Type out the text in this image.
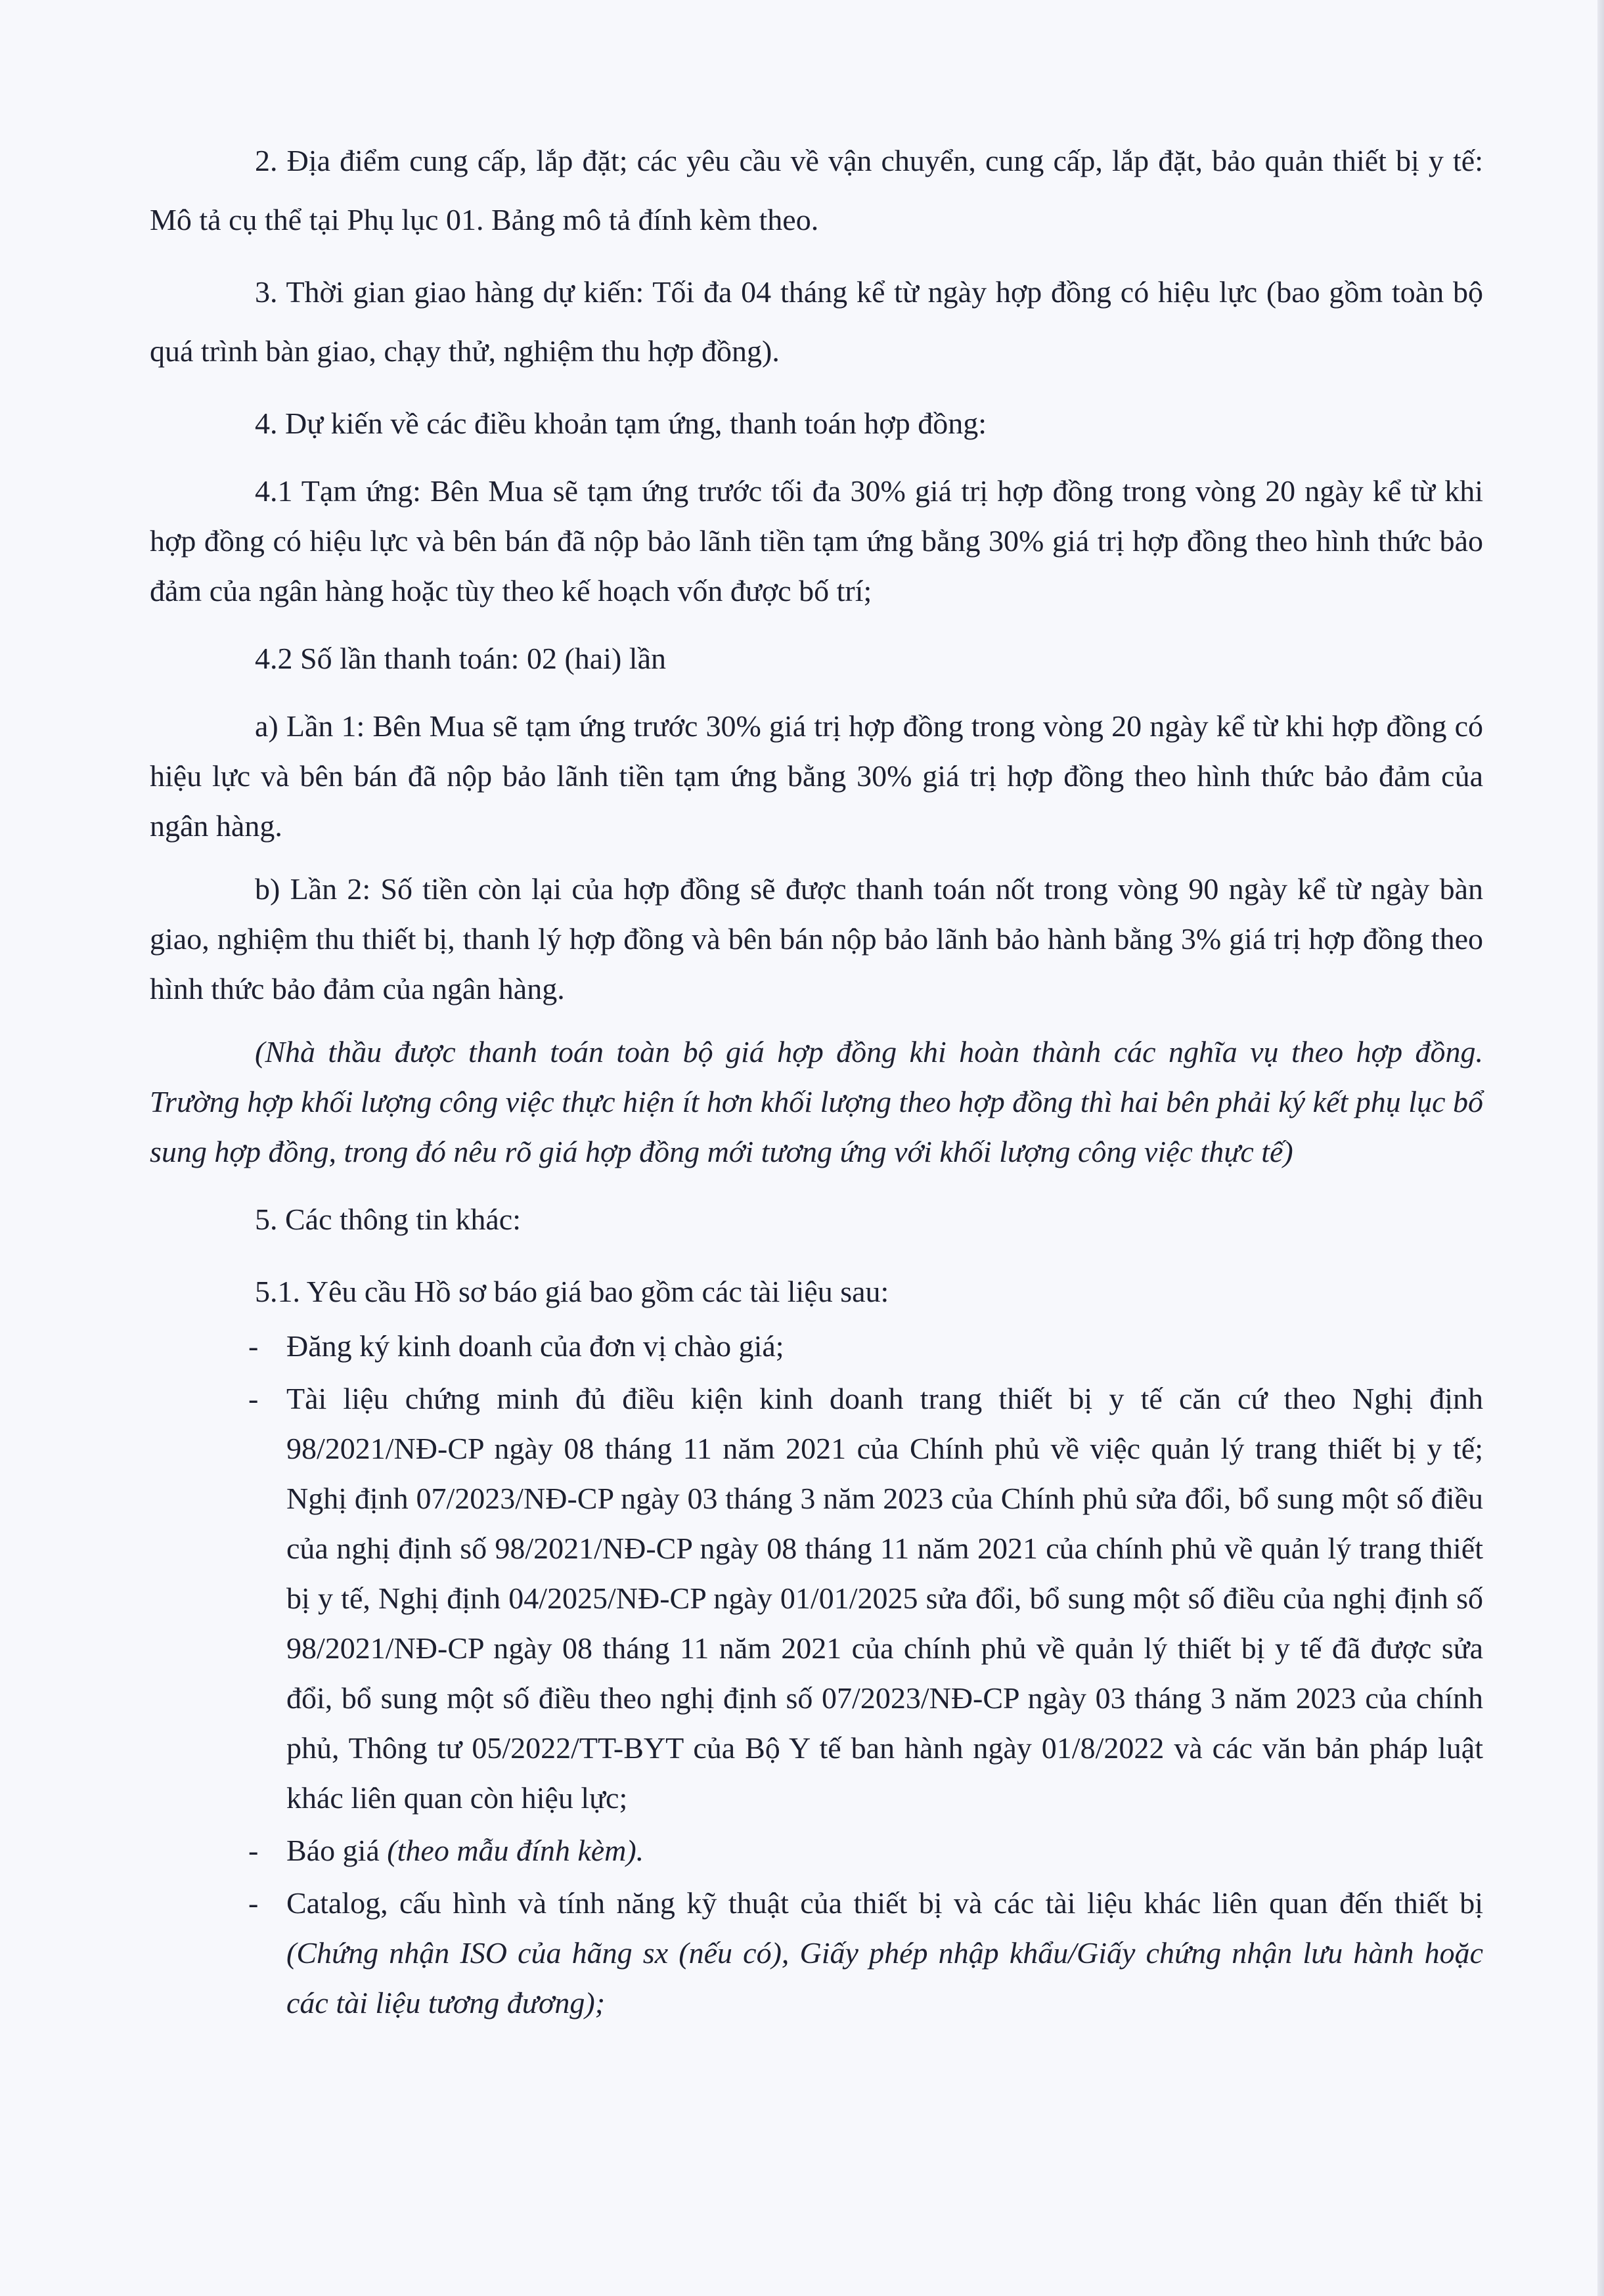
2. Địa điểm cung cấp, lắp đặt; các yêu cầu về vận chuyển, cung cấp, lắp đặt, bảo quản thiết bị y tế: Mô tả cụ thể tại Phụ lục 01. Bảng mô tả đính kèm theo.

3. Thời gian giao hàng dự kiến: Tối đa 04 tháng kể từ ngày hợp đồng có hiệu lực (bao gồm toàn bộ quá trình bàn giao, chạy thử, nghiệm thu hợp đồng).

4. Dự kiến về các điều khoản tạm ứng, thanh toán hợp đồng:

4.1 Tạm ứng: Bên Mua sẽ tạm ứng trước tối đa 30% giá trị hợp đồng trong vòng 20 ngày kể từ khi hợp đồng có hiệu lực và bên bán đã nộp bảo lãnh tiền tạm ứng bằng 30% giá trị hợp đồng theo hình thức bảo đảm của ngân hàng hoặc tùy theo kế hoạch vốn được bố trí;

4.2 Số lần thanh toán: 02 (hai) lần

a) Lần 1: Bên Mua sẽ tạm ứng trước 30% giá trị hợp đồng trong vòng 20 ngày kể từ khi hợp đồng có hiệu lực và bên bán đã nộp bảo lãnh tiền tạm ứng bằng 30% giá trị hợp đồng theo hình thức bảo đảm của ngân hàng.

b) Lần 2: Số tiền còn lại của hợp đồng sẽ được thanh toán nốt trong vòng 90 ngày kể từ ngày bàn giao, nghiệm thu thiết bị, thanh lý hợp đồng và bên bán nộp bảo lãnh bảo hành bằng 3% giá trị hợp đồng theo hình thức bảo đảm của ngân hàng.

(Nhà thầu được thanh toán toàn bộ giá hợp đồng khi hoàn thành các nghĩa vụ theo hợp đồng. Trường hợp khối lượng công việc thực hiện ít hơn khối lượng theo hợp đồng thì hai bên phải ký kết phụ lục bổ sung hợp đồng, trong đó nêu rõ giá hợp đồng mới tương ứng với khối lượng công việc thực tế)

5. Các thông tin khác:

5.1. Yêu cầu Hồ sơ báo giá bao gồm các tài liệu sau:

- Đăng ký kinh doanh của đơn vị chào giá;
- Tài liệu chứng minh đủ điều kiện kinh doanh trang thiết bị y tế căn cứ theo Nghị định 98/2021/NĐ-CP ngày 08 tháng 11 năm 2021 của Chính phủ về việc quản lý trang thiết bị y tế; Nghị định 07/2023/NĐ-CP ngày 03 tháng 3 năm 2023 của Chính phủ sửa đổi, bổ sung một số điều của nghị định số 98/2021/NĐ-CP ngày 08 tháng 11 năm 2021 của chính phủ về quản lý trang thiết bị y tế, Nghị định 04/2025/NĐ-CP ngày 01/01/2025 sửa đổi, bổ sung một số điều của nghị định số 98/2021/NĐ-CP ngày 08 tháng 11 năm 2021 của chính phủ về quản lý thiết bị y tế đã được sửa đổi, bổ sung một số điều theo nghị định số 07/2023/NĐ-CP ngày 03 tháng 3 năm 2023 của chính phủ, Thông tư 05/2022/TT-BYT của Bộ Y tế ban hành ngày 01/8/2022 và các văn bản pháp luật khác liên quan còn hiệu lực;
- Báo giá (theo mẫu đính kèm).
- Catalog, cấu hình và tính năng kỹ thuật của thiết bị và các tài liệu khác liên quan đến thiết bị (Chứng nhận ISO của hãng sx (nếu có), Giấy phép nhập khẩu/Giấy chứng nhận lưu hành hoặc các tài liệu tương đương);
